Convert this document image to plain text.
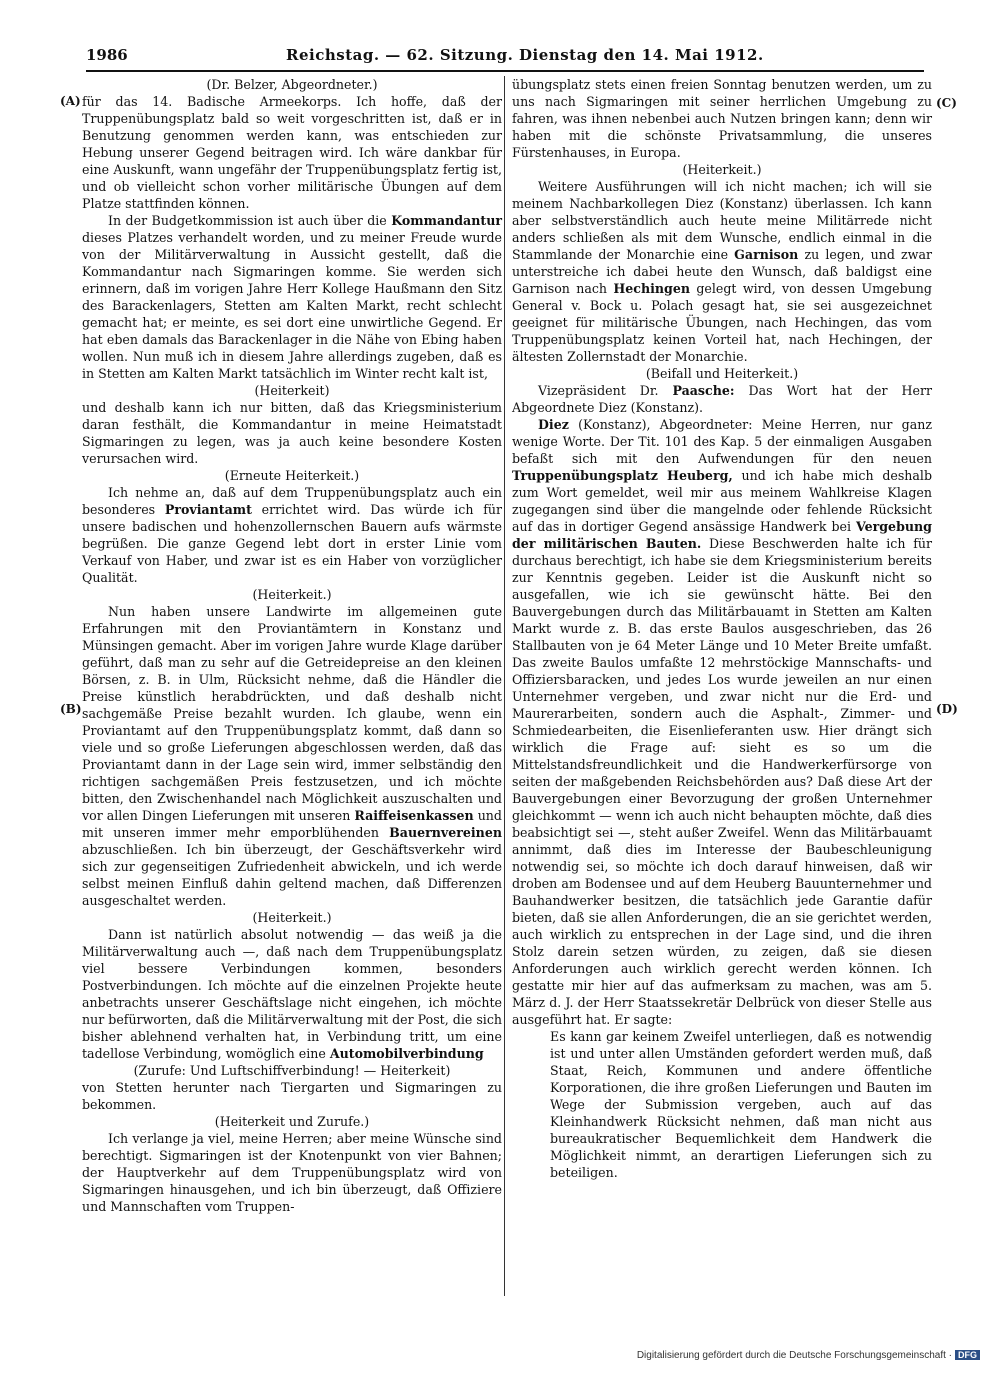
1986	Reichstag. — 62. Sitzung. Dienstag den 14. Mai 1912.
(A)
(B)
(C)
(D)

(Dr. Belzer, Abgeordneter.)

für das 14. Badische Armeekorps. Ich hoffe, daß der Truppenübungsplatz bald so weit vorgeschritten ist, daß er in Benutzung genommen werden kann, was entschieden zur Hebung unserer Gegend beitragen wird. Ich wäre dankbar für eine Auskunft, wann ungefähr der Truppenübungsplatz fertig ist, und ob vielleicht schon vorher militärische Übungen auf dem Platze stattfinden können.

In der Budgetkommission ist auch über die Kommandantur dieses Platzes verhandelt worden, und zu meiner Freude wurde von der Militärverwaltung in Aussicht gestellt, daß die Kommandantur nach Sigmaringen komme. Sie werden sich erinnern, daß im vorigen Jahre Herr Kollege Haußmann den Sitz des Barackenlagers, Stetten am Kalten Markt, recht schlecht gemacht hat; er meinte, es sei dort eine unwirtliche Gegend. Er hat eben damals das Barackenlager in die Nähe von Ebing haben wollen. Nun muß ich in diesem Jahre allerdings zugeben, daß es in Stetten am Kalten Markt tatsächlich im Winter recht kalt ist,

(Heiterkeit)

und deshalb kann ich nur bitten, daß das Kriegsministerium daran festhält, die Kommandantur in meine Heimatstadt Sigmaringen zu legen, was ja auch keine besondere Kosten verursachen wird.

(Erneute Heiterkeit.)

Ich nehme an, daß auf dem Truppenübungsplatz auch ein besonderes Proviantamt errichtet wird. Das würde ich für unsere badischen und hohenzollernschen Bauern aufs wärmste begrüßen. Die ganze Gegend lebt dort in erster Linie vom Verkauf von Haber, und zwar ist es ein Haber von vorzüglicher Qualität.

(Heiterkeit.)

Nun haben unsere Landwirte im allgemeinen gute Erfahrungen mit den Proviantämtern in Konstanz und Münsingen gemacht. Aber im vorigen Jahre wurde Klage darüber geführt, daß man zu sehr auf die Getreidepreise an den kleinen Börsen, z. B. in Ulm, Rücksicht nehme, daß die Händler die Preise künstlich herabdrückten, und daß deshalb nicht sachgemäße Preise bezahlt wurden. Ich glaube, wenn ein Proviantamt auf den Truppenübungsplatz kommt, daß dann so viele und so große Lieferungen abgeschlossen werden, daß das Proviantamt dann in der Lage sein wird, immer selbständig den richtigen sachgemäßen Preis festzusetzen, und ich möchte bitten, den Zwischenhandel nach Möglichkeit auszuschalten und vor allen Dingen Lieferungen mit unseren Raiffeisenkassen und mit unseren immer mehr emporblühenden Bauernvereinen abzuschließen. Ich bin überzeugt, der Geschäftsverkehr wird sich zur gegenseitigen Zufriedenheit abwickeln, und ich werde selbst meinen Einfluß dahin geltend machen, daß Differenzen ausgeschaltet werden.

(Heiterkeit.)

Dann ist natürlich absolut notwendig — das weiß ja die Militärverwaltung auch —, daß nach dem Truppenübungsplatz viel bessere Verbindungen kommen, besonders Postverbindungen. Ich möchte auf die einzelnen Projekte heute anbetrachts unserer Geschäftslage nicht eingehen, ich möchte nur befürworten, daß die Militärverwaltung mit der Post, die sich bisher ablehnend verhalten hat, in Verbindung tritt, um eine tadellose Verbindung, womöglich eine Automobilverbindung

(Zurufe: Und Luftschiffverbindung! — Heiterkeit)

von Stetten herunter nach Tiergarten und Sigmaringen zu bekommen.

(Heiterkeit und Zurufe.)

Ich verlange ja viel, meine Herren; aber meine Wünsche sind berechtigt. Sigmaringen ist der Knotenpunkt von vier Bahnen; der Hauptverkehr auf dem Truppenübungsplatz wird von Sigmaringen hinausgehen, und ich bin überzeugt, daß Offiziere und Mannschaften vom Truppen-

übungsplatz stets einen freien Sonntag benutzen werden, um zu uns nach Sigmaringen mit seiner herrlichen Umgebung zu fahren, was ihnen nebenbei auch Nutzen bringen kann; denn wir haben mit die schönste Privatsammlung, die unseres Fürstenhauses, in Europa.

(Heiterkeit.)

Weitere Ausführungen will ich nicht machen; ich will sie meinem Nachbarkollegen Diez (Konstanz) überlassen. Ich kann aber selbstverständlich auch heute meine Militärrede nicht anders schließen als mit dem Wunsche, endlich einmal in die Stammlande der Monarchie eine Garnison zu legen, und zwar unterstreiche ich dabei heute den Wunsch, daß baldigst eine Garnison nach Hechingen gelegt wird, von dessen Umgebung General v. Bock u. Polach gesagt hat, sie sei ausgezeichnet geeignet für militärische Übungen, nach Hechingen, das vom Truppenübungsplatz keinen Vorteil hat, nach Hechingen, der ältesten Zollernstadt der Monarchie.

(Beifall und Heiterkeit.)

Vizepräsident Dr. Paasche: Das Wort hat der Herr Abgeordnete Diez (Konstanz).

Diez (Konstanz), Abgeordneter: Meine Herren, nur ganz wenige Worte. Der Tit. 101 des Kap. 5 der einmaligen Ausgaben befaßt sich mit den Aufwendungen für den neuen Truppenübungsplatz Heuberg, und ich habe mich deshalb zum Wort gemeldet, weil mir aus meinem Wahlkreise Klagen zugegangen sind über die mangelnde oder fehlende Rücksicht auf das in dortiger Gegend ansässige Handwerk bei Vergebung der militärischen Bauten. Diese Beschwerden halte ich für durchaus berechtigt, ich habe sie dem Kriegsministerium bereits zur Kenntnis gegeben. Leider ist die Auskunft nicht so ausgefallen, wie ich sie gewünscht hätte. Bei den Bauvergebungen durch das Militärbauamt in Stetten am Kalten Markt wurde z. B. das erste Baulos ausgeschrieben, das 26 Stallbauten von je 64 Meter Länge und 10 Meter Breite umfaßt. Das zweite Baulos umfaßte 12 mehrstöckige Mannschafts- und Offiziersbaracken, und jedes Los wurde jeweilen an nur einen Unternehmer vergeben, und zwar nicht nur die Erd- und Maurerarbeiten, sondern auch die Asphalt-, Zimmer- und Schmiedearbeiten, die Eisenlieferanten usw. Hier drängt sich wirklich die Frage auf: sieht es so um die Mittelstandsfreundlichkeit und die Handwerkerfürsorge von seiten der maßgebenden Reichsbehörden aus? Daß diese Art der Bauvergebungen einer Bevorzugung der großen Unternehmer gleichkommt — wenn ich auch nicht behaupten möchte, daß dies beabsichtigt sei —, steht außer Zweifel. Wenn das Militärbauamt annimmt, daß dies im Interesse der Baubeschleunigung notwendig sei, so möchte ich doch darauf hinweisen, daß wir droben am Bodensee und auf dem Heuberg Bauunternehmer und Bauhandwerker besitzen, die tatsächlich jede Garantie dafür bieten, daß sie allen Anforderungen, die an sie gerichtet werden, auch wirklich zu entsprechen in der Lage sind, und die ihren Stolz darein setzen würden, zu zeigen, daß sie diesen Anforderungen auch wirklich gerecht werden können. Ich gestatte mir hier auf das aufmerksam zu machen, was am 5. März d. J. der Herr Staatssekretär Delbrück von dieser Stelle aus ausgeführt hat. Er sagte:

Es kann gar keinem Zweifel unterliegen, daß es notwendig ist und unter allen Umständen gefordert werden muß, daß Staat, Reich, Kommunen und andere öffentliche Korporationen, die ihre großen Lieferungen und Bauten im Wege der Submission vergeben, auch auf das Kleinhandwerk Rücksicht nehmen, daß man nicht aus bureaukratischer Bequemlichkeit dem Handwerk die Möglichkeit nimmt, an derartigen Lieferungen sich zu beteiligen.

Digitalisierung gefördert durch die Deutsche Forschungsgemeinschaft · DFG
